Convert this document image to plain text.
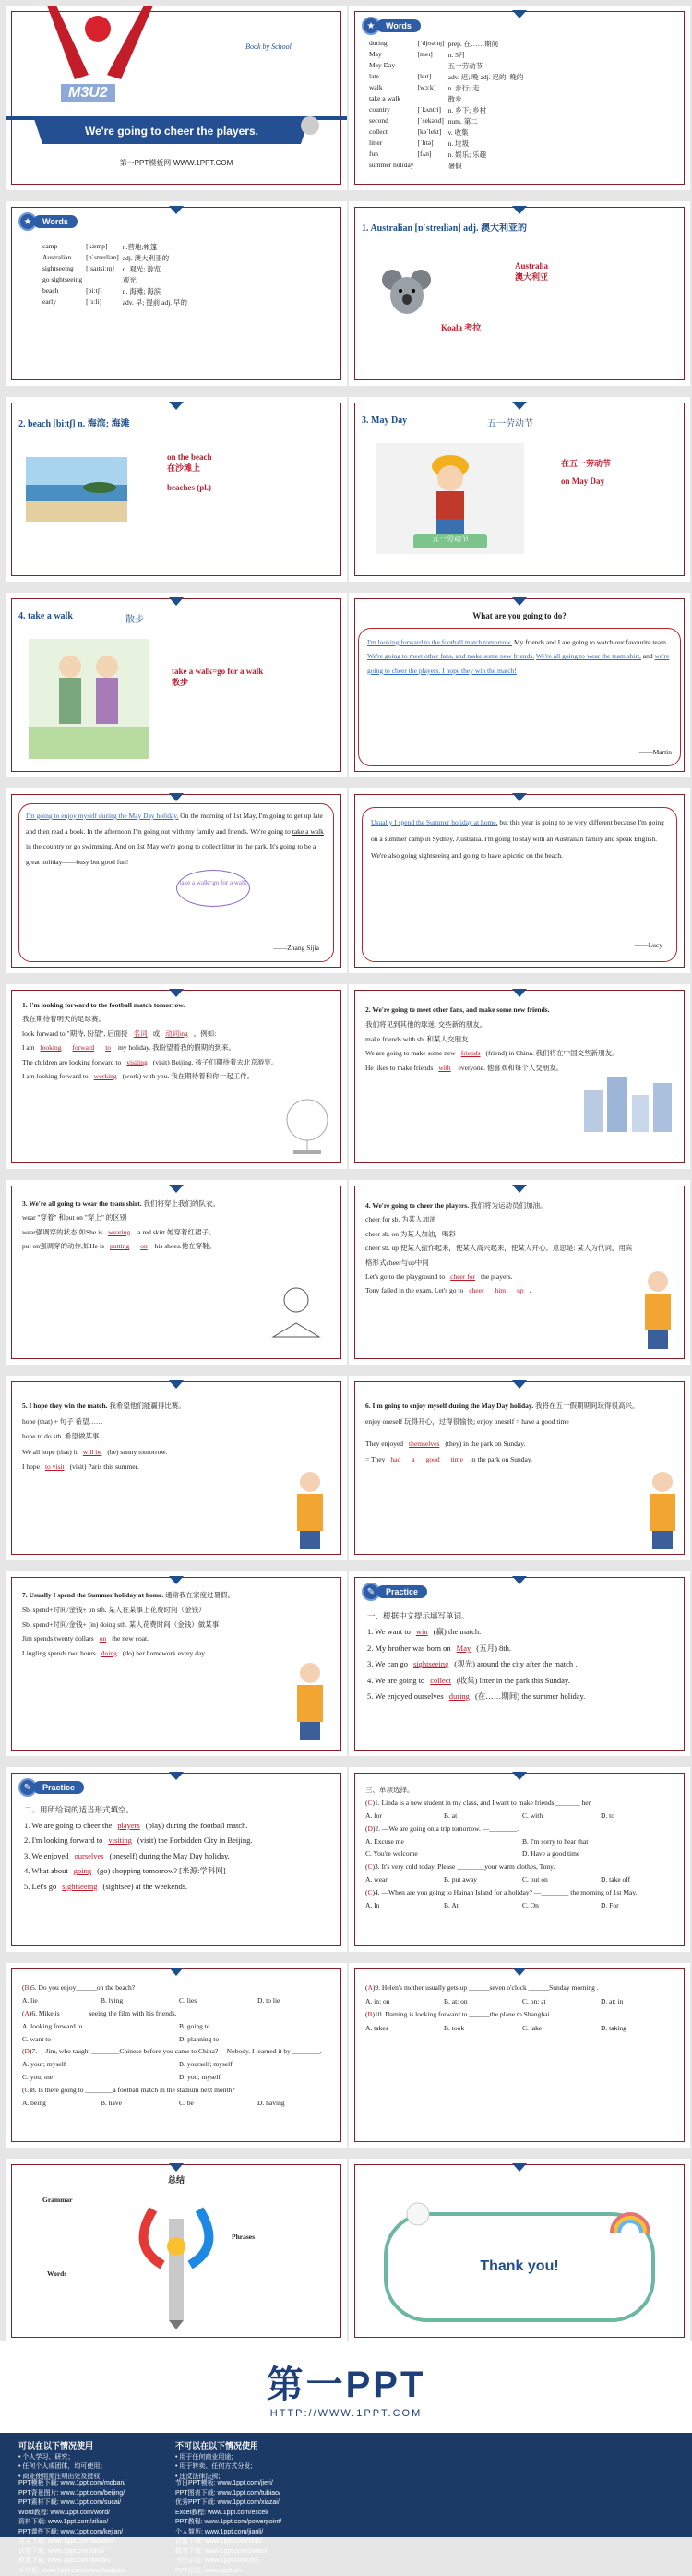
M3U2
Book by School
We're going to cheer the players.
第一PPT模板网-WWW.1PPT.COM
★	Words
during	[ˈdjʊərɪŋ]	prep. 在……期间
May	[meɪ]	n. 5月
May Day		五一劳动节
late	[leɪt]	adv. 迟; 晚 adj. 迟的; 晚的
walk	[wɔːk]	n. 步行; 走
take a walk		散步
country	[ˈkʌntri]	n. 乡下; 乡村
second	[ˈsekənd]	num. 第二
collect	[kəˈlekt]	v. 收集
litter	[ˈlɪtə]	n. 垃圾
fun	[fʌn]	n. 娱乐; 乐趣
summer holiday		暑假
★	Words
camp	[kæmp]	n.营地;帐篷
Australian	[ɒˈstreɪliən]	adj. 澳大利亚的
sightseeing	[ˈsaɪtsiːɪŋ]	n. 观光; 游览
go sightseeing		观光
beach	[biːtʃ]	n. 海滩; 海滨
early	[ˈɜːli]	adv. 早; 提前 adj. 早的
1. Australian [ɒˈstreɪliən] adj. 澳大利亚的
Australia
澳大利亚
Koala 考拉
2. beach [biːtʃ] n. 海滨; 海滩
on the beach
在沙滩上
beaches (pl.)
3. May Day	五一劳动节
五一劳动节
在五一劳动节
on May Day
4. take a walk	散步
take a walk=go for a walk
散步
What are you going to do?
I'm looking forward to the football match tomorrow. My friends and I are going to watch our favourite team. We're going to meet other fans, and make some new friends. We're all going to wear the team shirt, and we're going to cheer the players. I hope they win the match!
——Martin
I'm going to enjoy myself during the May Day holiday. On the morning of 1st May, I'm going to get up late and then read a book. In the afternoon I'm going out with my family and friends. We're going to take a walk in the country or go swimming. And on 1st May we're going to collect litter in the park. It's going to be a great holiday——busy but good fun!
take a walk=go for a walk
——Zhang Sijia
Usually I spend the Summer holiday at home, but this year is going to be very different because I'm going on a summer camp in Sydney, Australia. I'm going to stay with an Australian family and speak English. We're also going sightseeing and going to have a picnic on the beach.
——Lucy
1. I'm looking forward to the football match tomorrow.
我在期待着明天的足球赛。
look forward to "期待, 盼望", 后面接 名词 或 动词ing 。例如:
I am looking forward to my holiday. 我盼望着我的假期的到来。
The children are looking forward to visiting (visit) Beijing. 孩子们期待着去北京游览。
I am looking forward to working (work) with you. 我在期待着和你一起工作。
2. We're going to meet other fans, and make some new friends.
我们将见到其他的球迷, 交些新的朋友。
make friends with sb. 和某人交朋友
We are going to make some new friends (friend) in China. 我们将在中国交些新朋友。
He likes to make friends with everyone. 他喜欢和每个人交朋友。
3. We're all going to wear the team shirt. 我们将穿上我们的队衣。
wear "穿着" 和put on "穿上" 的区别
wear强调穿的状态,如She is wearing a red skirt.她穿着红裙子。
put on强调穿的动作,如He is putting on his shoes.他在穿鞋。
4. We're going to cheer the players. 我们将为运动员们加油。
cheer for sb. 为某人加油
cheer sb. on 为某人加油，喝彩
cheer sb. up 使某人振作起来，使某人高兴起来，使某人开心。意思是: 某人为代词，用宾格形式cheer与up中间
Let's go to the playground to cheer for the players.
Tony failed in the exam, Let's go to cheer him up .
5. I hope they win the match. 我希望他们能赢得比赛。
hope (that) + 句子 希望……
hope to do sth. 希望做某事
We all hope (that) it will be (be) sunny tomorrow.
I hope to visit (visit) Paris this summer.
6. I'm going to enjoy myself during the May Day holiday. 我将在五一假期期间玩得很高兴。
enjoy oneself 玩得开心，过得很愉快; enjoy oneself = have a good time
They enjoyed themselves (they) in the park on Sunday.
= They had a good time in the park on Sunday.
7. Usually I spend the Summer holiday at home. 通常我在家度过暑假。
Sb. spend+时间/金钱+ on sth. 某人在某事上花费时间（金钱）
Sb. spend+时间/金钱+ (in) doing sth. 某人花费时间（金钱）做某事
Jim spends twenty dollars on the new coat.
Lingling spends two hours doing (do) her homework every day.
✎	Practice
一、根据中文提示填写单词。
1. We want to win (赢) the match.
2. My brother was born on May (五月) 8th.
3. We can go sightseeing (观光) around the city after the match .
4. We are going to collect (收集) litter in the park this Sunday.
5. We enjoyed ourselves during (在……期间) the summer holiday.
✎	Practice
二、用所给词的适当形式填空。
1. We are going to cheer the players (play) during the football match.
2. I'm looking forward to visiting (visit) the Forbidden City in Beijing.
3. We enjoyed ourselves (oneself) during the May Day holiday.
4. What about going (go) shopping tomorrow? [来源:学科网]
5. Let's go sightseeing (sightsee) at the weekends.
三、单项选择。
(C)1. Linda is a new student in my class, and I want to make friends _______ her.
A. for	B. at	C. with	D. to
(D)2. —We are going on a trip tomorrow. —________.
A. Excuse me	B. I'm sorry to hear that
C. You're welcome	D. Have a good time
(C)3. It's very cold today. Please ________your warm clothes, Tony.
A. wear	B. put away	C. put on	D. take off
(C)4. —When are you going to Hainan Island for a holiday? —________ the morning of 1st May.
A. In	B. At	C. On	D. For
(B)5. Do you enjoy______on the beach?
A. lie	B. lying	C. lies	D. to lie
(A)6. Mike is ________seeing the film with his friends.
A. looking forward to	B. going to
C. want to	D. planning to
(D)7. —Jim, who taught ________Chinese before you came to China? —Nobody. I learned it by ________.
A. your; myself	B. yourself; myself
C. you; me	D. you; myself
(C)8. Is there going to ________a football match in the stadium next month?
A. being	B. have	C. be	D. having
(A)9. Helen's mother usually gets up ______seven o'clock ______Sunday morning .
A. in; on	B. at; on	C. on; at	D. at; in
(B)10. Daming is looking forward to ______the plane to Shanghai.
A. takes	B. took	C. take	D. taking
总结
Grammar
Phrases
Words	Thank you!
第一PPT
HTTP://WWW.1PPT.COM
可以在以下情况使用
• 个人学习、研究；
• 任何个人或团体，均可使用；
• 商业使用需注明出处及授权;
不可以在以下情况使用
• 用于任何商业用途;
• 用于转卖、任何方式分发;
• 违反法律法规;
PPT模板下载: www.1ppt.com/moban/
PPT背景图片: www.1ppt.com/beijing/
PPT素材下载: www.1ppt.com/sucai/
Word教程: www.1ppt.com/word/
资料下载: www.1ppt.com/ziliao/
PPT课件下载: www.1ppt.com/kejian/
范文下载: www.1ppt.com/fanwen/
试卷下载: www.1ppt.com/shiti/
教案下载: www.1ppt.com/jiaoan/
手抄报: www.1ppt.com/shouchaobao/
节日PPT模板: www.1ppt.com/jieri/
PPT图表下载: www.1ppt.com/tubiao/
优秀PPT下载: www.1ppt.com/xiazai/
Excel教程: www.1ppt.com/excel/
PPT教程: www.1ppt.com/powerpoint/
个人简历: www.1ppt.com/jianli/
试题下载: www.1ppt.com/shiti/
教案下载: www.1ppt.com/jiaoan/
书法字帖: www.1ppt.com/ziti/
PPT论坛: www.1ppt.cn
